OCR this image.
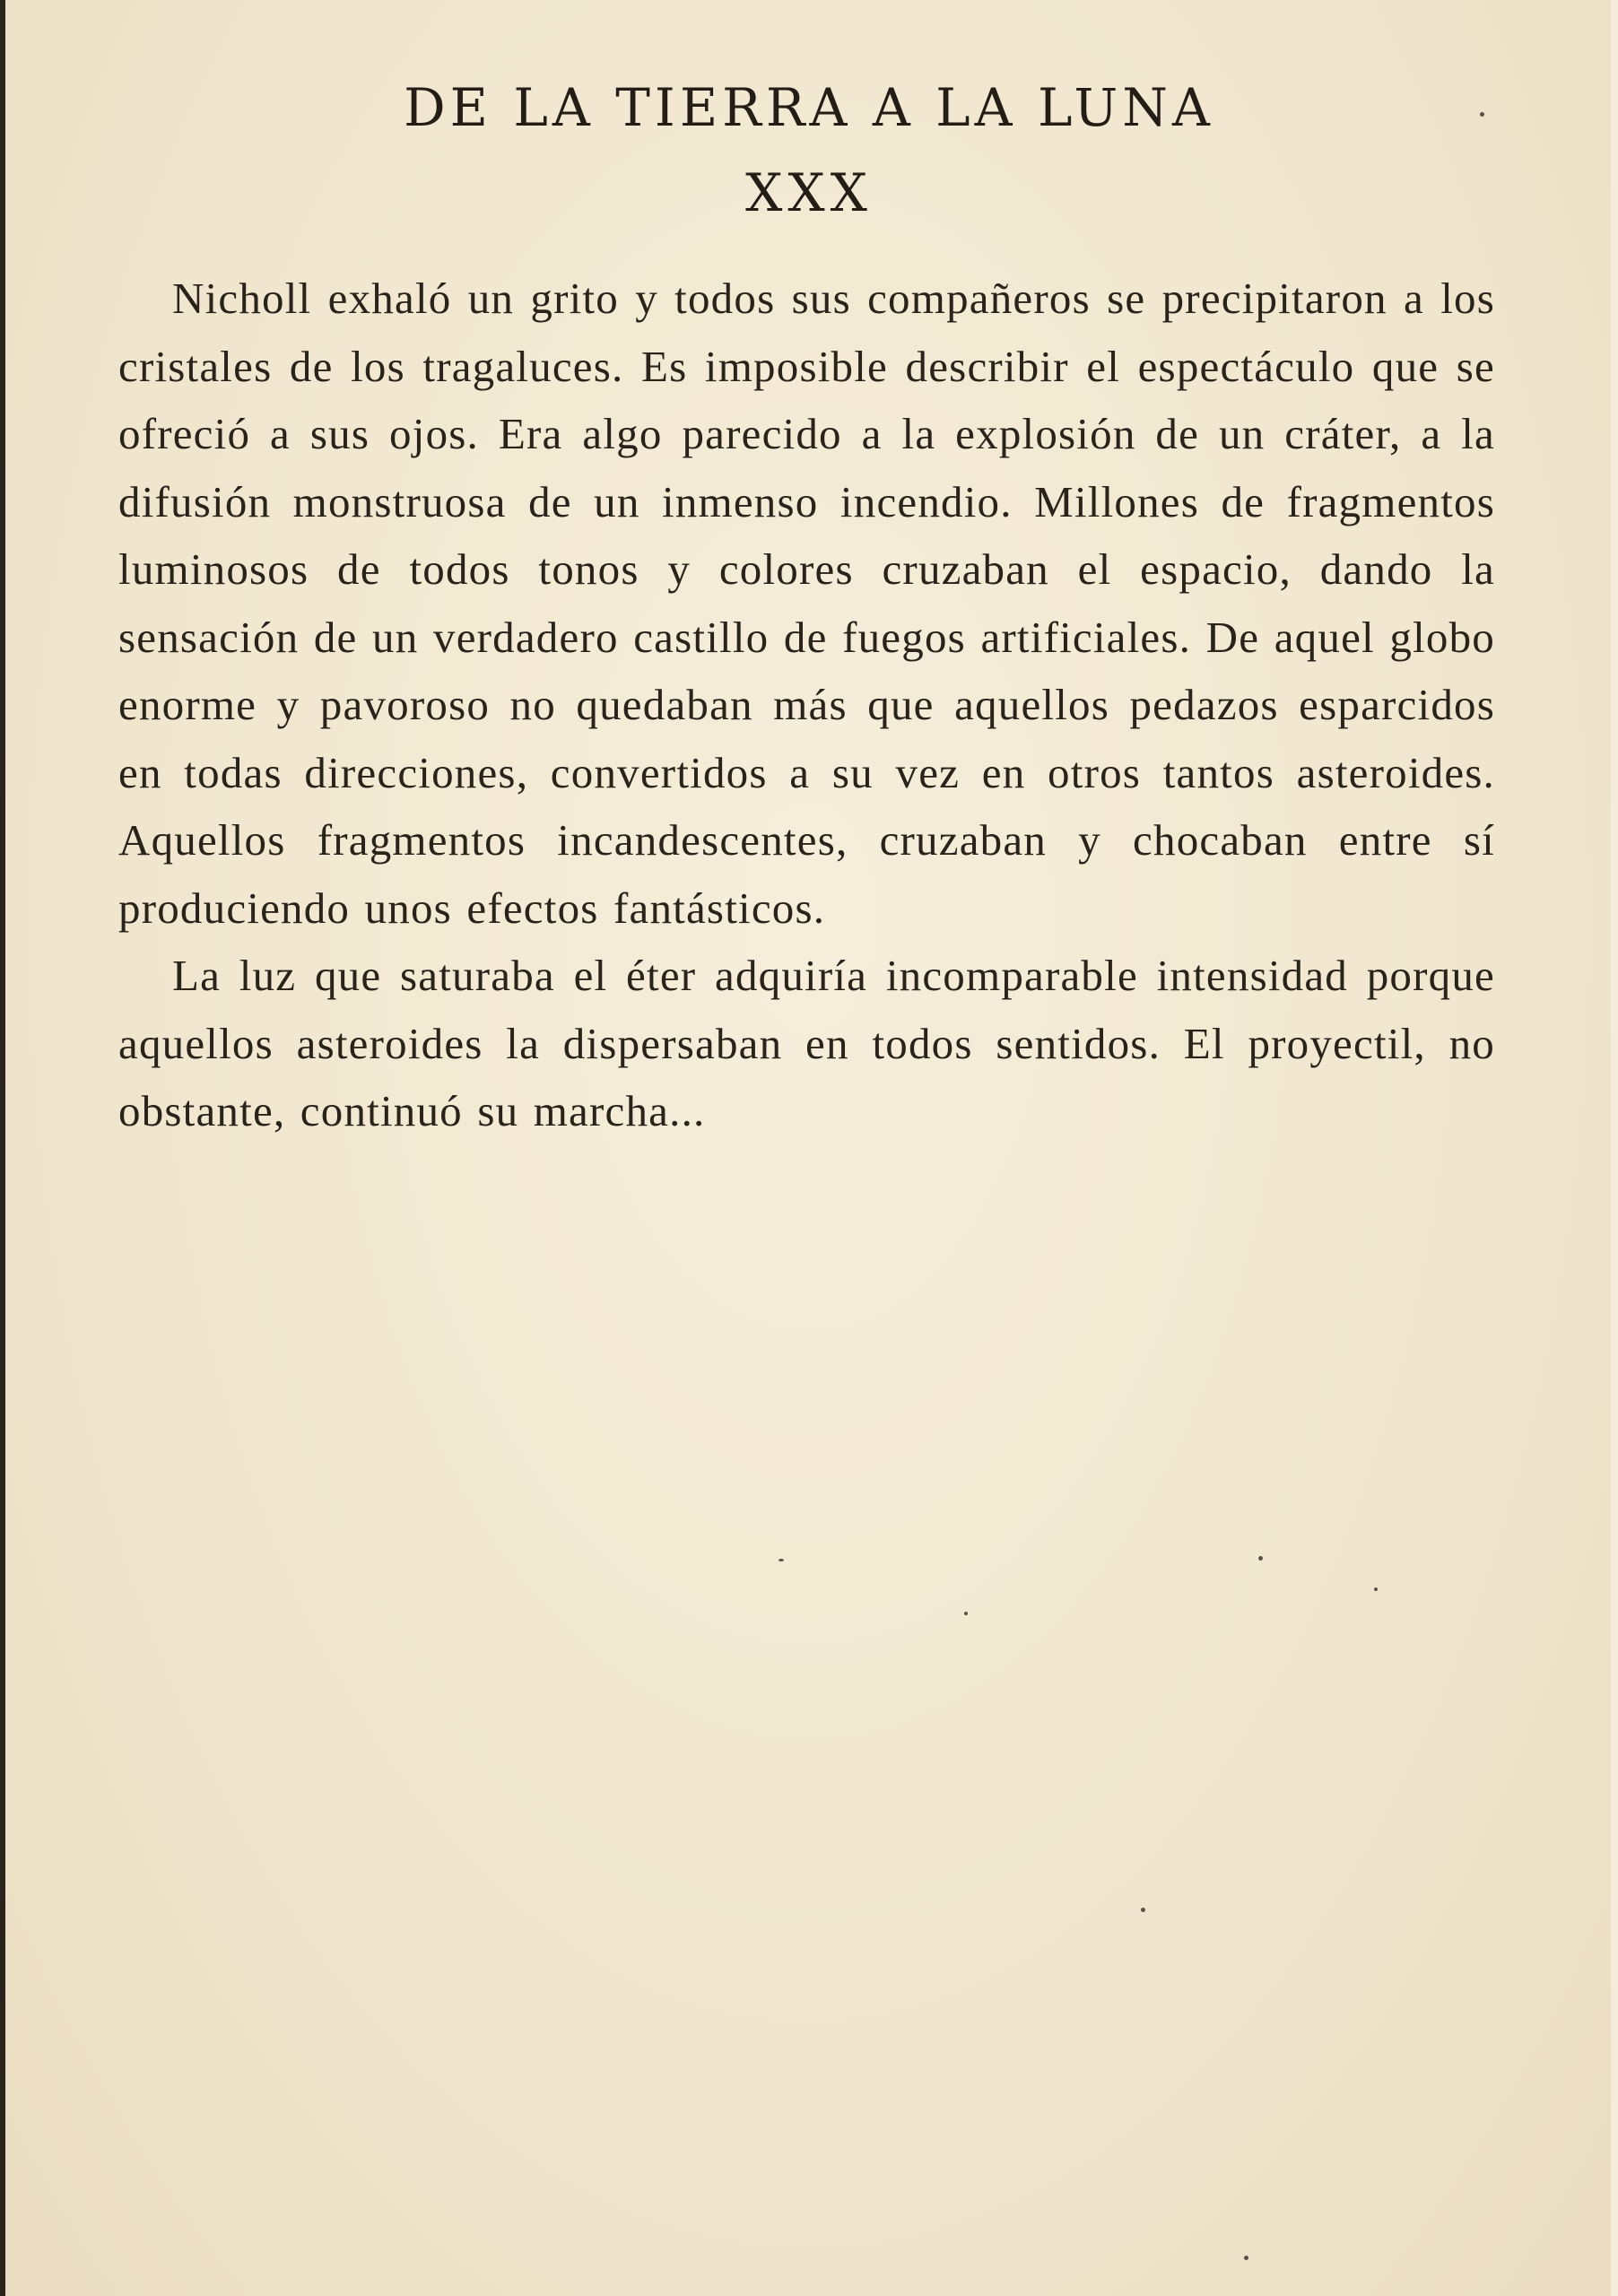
DE LA TIERRA A LA LUNA
XXX

Nicholl exhaló un grito y todos sus compañeros se precipitaron a los cristales de los tragaluces. Es imposible describir el espectáculo que se ofreció a sus ojos. Era algo parecido a la explosión de un cráter, a la difusión monstruosa de un inmenso incendio. Millones de fragmentos luminosos de todos tonos y colores cruzaban el espacio, dando la sensación de un verdadero castillo de fuegos artificiales. De aquel globo enorme y pavoroso no quedaban más que aquellos pedazos esparcidos en todas direcciones, convertidos a su vez en otros tantos asteroides. Aquellos fragmentos incandescentes, cruzaban y chocaban entre sí produciendo unos efectos fantásticos.

La luz que saturaba el éter adquiría incomparable intensidad porque aquellos asteroides la dispersaban en todos sentidos. El proyectil, no obstante, continuó su marcha...
